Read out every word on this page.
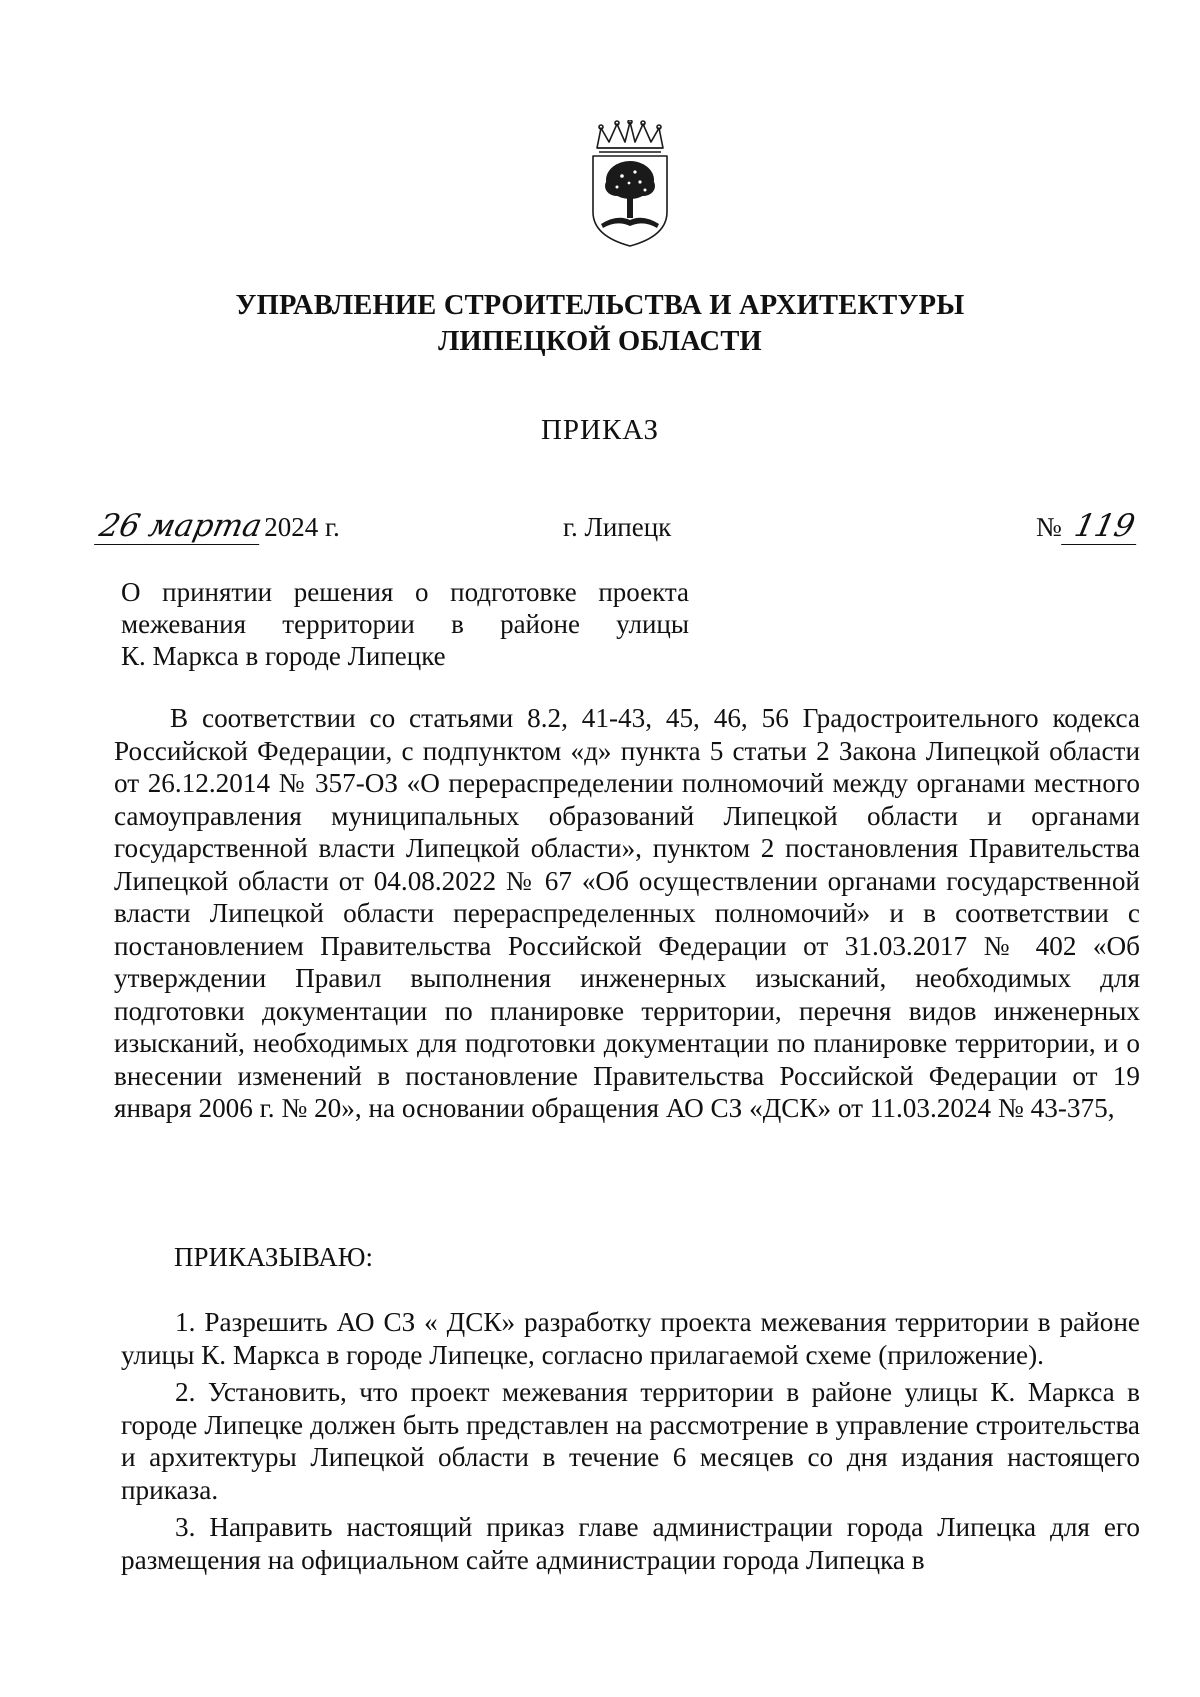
УПРАВЛЕНИЕ СТРОИТЕЛЬСТВА И АРХИТЕКТУРЫ
ЛИПЕЦКОЙ ОБЛАСТИ
ПРИКАЗ
26 марта2024 г.	г. Липецк	№ 119
О принятии решения о подготовке проекта
межевания территории в районе улицы
К. Маркса в городе Липецке

В соответствии со статьями 8.2, 41-43, 45, 46, 56 Градостроительного кодекса Российской Федерации, с подпунктом «д» пункта 5 статьи 2 Закона Липецкой области от 26.12.2014 № 357-ОЗ «О перераспределении полномочий между органами местного самоуправления муниципальных образований Липецкой области и органами государственной власти Липецкой области», пунктом 2 постановления Правительства Липецкой области от 04.08.2022 № 67 «Об осуществлении органами государственной власти Липецкой области перераспределенных полномочий» и в соответствии с постановлением Правительства Российской Федерации от 31.03.2017 № 402 «Об утверждении Правил выполнения инженерных изысканий, необходимых для подготовки документации по планировке территории, перечня видов инженерных изысканий, необходимых для подготовки документации по планировке территории, и о внесении изменений в постановление Правительства Российской Федерации от 19 января 2006 г. № 20», на основании обращения АО СЗ «ДСК» от 11.03.2024 № 43-375,

ПРИКАЗЫВАЮ:

1. Разрешить АО СЗ « ДСК» разработку проекта межевания территории в районе улицы К. Маркса в городе Липецке, согласно прилагаемой схеме (приложение).

2. Установить, что проект межевания территории в районе улицы К. Маркса в городе Липецке должен быть представлен на рассмотрение в управление строительства и архитектуры Липецкой области в течение 6 месяцев со дня издания настоящего приказа.

3. Направить настоящий приказ главе администрации города Липецка для его размещения на официальном сайте администрации города Липецка в
